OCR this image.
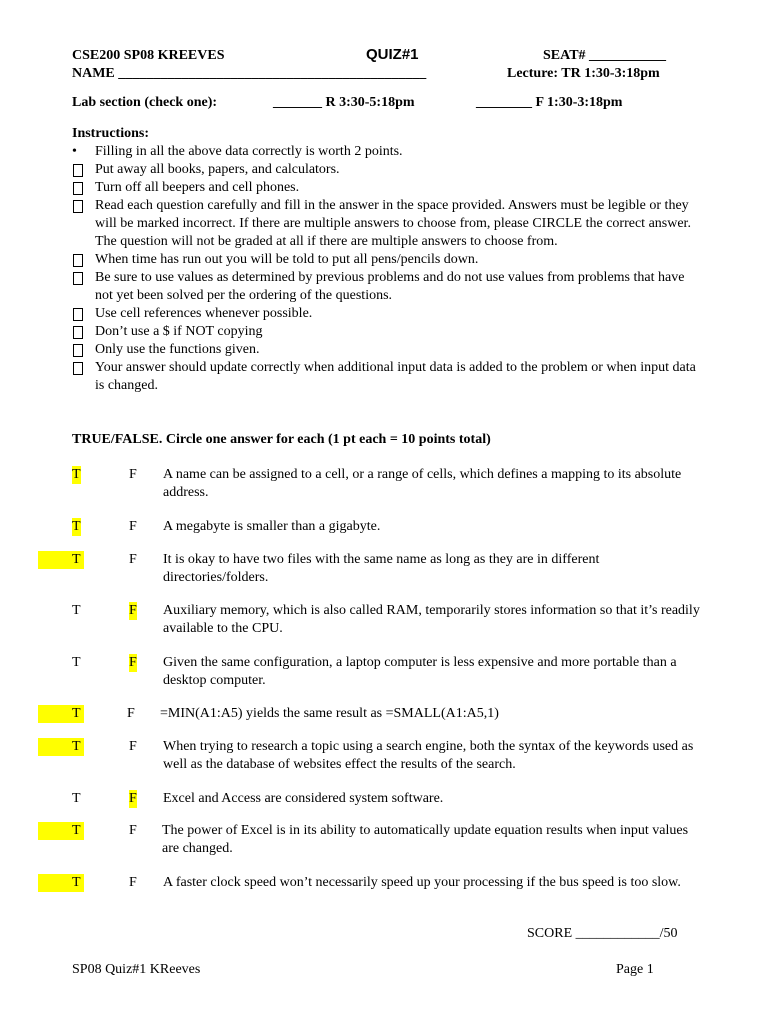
CSE200 SP08 KREEVES	QUIZ#1	SEAT# ___________
NAME ____________________________________________	Lecture: TR 1:30-3:18pm
Lab section (check one):	_______ R 3:30-5:18pm	________ F 1:30-3:18pm
Instructions:
•	Filling in all the above data correctly is worth 2 points.
Put away all books, papers, and calculators.
Turn off all beepers and cell phones.
Read each question carefully and fill in the answer in the space provided. Answers must be legible or they will be marked incorrect. If there are multiple answers to choose from, please CIRCLE the correct answer. The question will not be graded at all if there are multiple answers to choose from.
When time has run out you will be told to put all pens/pencils down.
Be sure to use values as determined by previous problems and do not use values from problems that have not yet been solved per the ordering of the questions.
Use cell references whenever possible.
Don’t use a $ if NOT copying
Only use the functions given.
Your answer should update correctly when additional input data is added to the problem or when input data is changed.
TRUE/FALSE. Circle one answer for each (1 pt each = 10 points total)
T	F A name can be assigned to a cell, or a range of cells, which defines a mapping to its absolute address.
T	F A megabyte is smaller than a gigabyte.
T	F It is okay to have two files with the same name as long as they are in different directories/folders.
T	F Auxiliary memory, which is also called RAM, temporarily stores information so that it’s readily available to the CPU.
T	F Given the same configuration, a laptop computer is less expensive and more portable than a desktop computer.
T	F =MIN(A1:A5) yields the same result as =SMALL(A1:A5,1)
T	F When trying to research a topic using a search engine, both the syntax of the keywords used as well as the database of websites effect the results of the search.
T	F Excel and Access are considered system software.
T	F The power of Excel is in its ability to automatically update equation results when input values are changed.
T	F A faster clock speed won’t necessarily speed up your processing if the bus speed is too slow.
SCORE ____________/50
SP08 Quiz#1 KReeves	Page 1
